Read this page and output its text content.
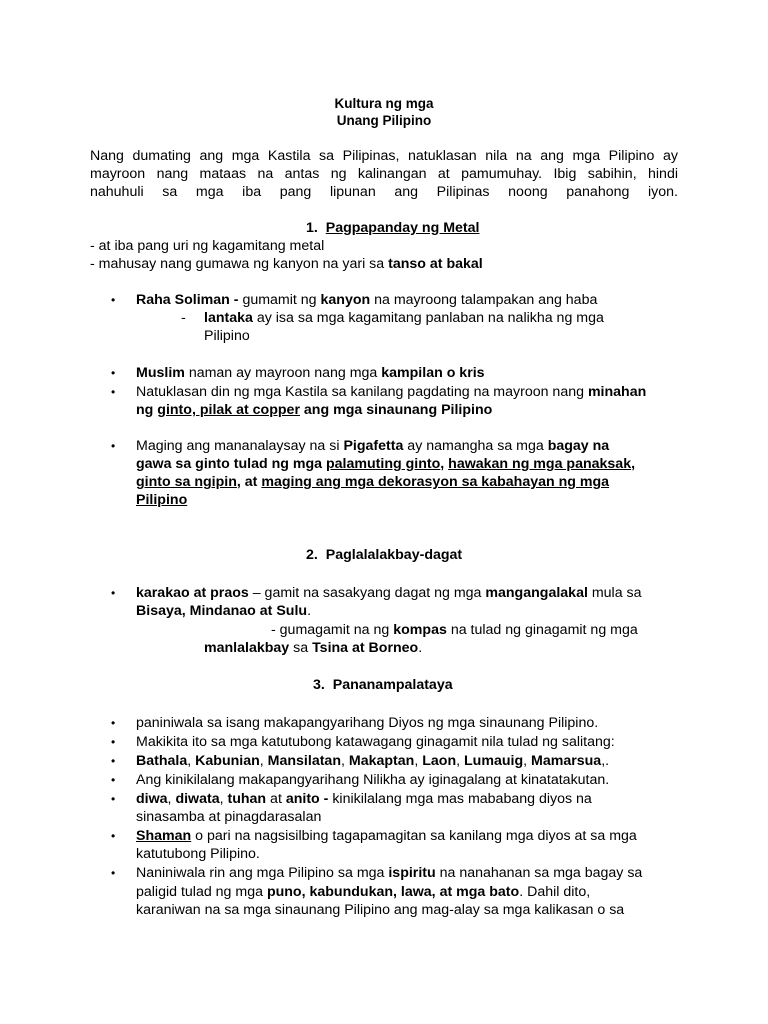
Kultura ng mga
Unang Pilipino
Nang dumating ang mga Kastila sa Pilipinas, natuklasan nila na ang mga Pilipino ay
mayroon nang mataas na antas ng kalinangan at pamumuhay. Ibig sabihin, hindi
nahuhuli sa mga iba pang lipunan ang Pilipinas noong panahong iyon.
1. Pagpapanday ng Metal
- at iba pang uri ng kagamitang metal
- mahusay nang gumawa ng kanyon na yari sa tanso at bakal
• Raha Soliman - gumamit ng kanyon na mayroong talampakan ang haba
- lantaka ay isa sa mga kagamitang panlaban na nalikha ng mga
Pilipino
• Muslim naman ay mayroon nang mga kampilan o kris
• Natuklasan din ng mga Kastila sa kanilang pagdating na mayroon nang minahan
ng ginto, pilak at copper ang mga sinaunang Pilipino
• Maging ang mananalaysay na si Pigafetta ay namangha sa mga bagay na
gawa sa ginto tulad ng mga palamuting ginto, hawakan ng mga panaksak,
ginto sa ngipin, at maging ang mga dekorasyon sa kabahayan ng mga
Pilipino
2. Paglalalakbay-dagat
• karakao at praos – gamit na sasakyang dagat ng mga mangangalakal mula sa
Bisaya, Mindanao at Sulu.
- gumagamit na ng kompas na tulad ng ginagamit ng mga
manlalakbay sa Tsina at Borneo.
3. Pananampalataya
• paniniwala sa isang makapangyarihang Diyos ng mga sinaunang Pilipino.
• Makikita ito sa mga katutubong katawagang ginagamit nila tulad ng salitang:
• Bathala, Kabunian, Mansilatan, Makaptan, Laon, Lumauig, Mamarsua,.
• Ang kinikilalang makapangyarihang Nilikha ay iginagalang at kinatatakutan.
• diwa, diwata, tuhan at anito - kinikilalang mga mas mababang diyos na
sinasamba at pinagdarasalan
• Shaman o pari na nagsisilbing tagapamagitan sa kanilang mga diyos at sa mga
katutubong Pilipino.
• Naniniwala rin ang mga Pilipino sa mga ispiritu na nanahanan sa mga bagay sa
paligid tulad ng mga puno, kabundukan, lawa, at mga bato. Dahil dito,
karaniwan na sa mga sinaunang Pilipino ang mag-alay sa mga kalikasan o sa
